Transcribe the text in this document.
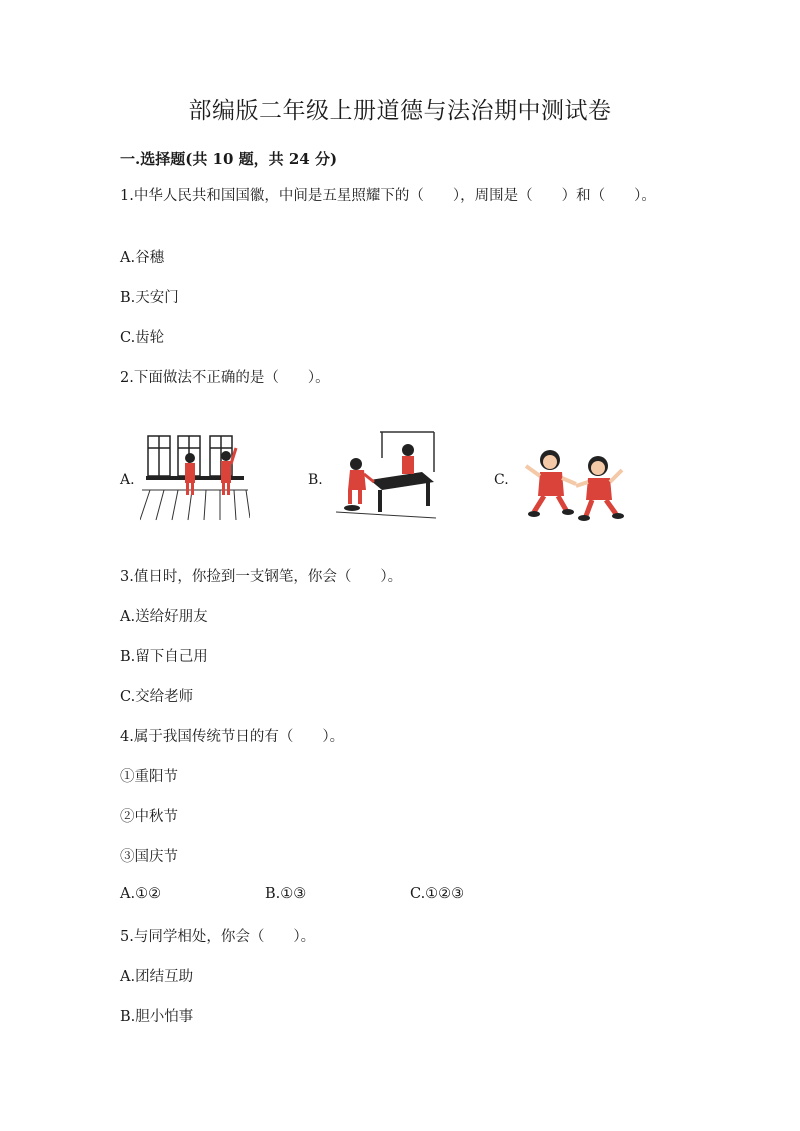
部编版二年级上册道德与法治期中测试卷
一.选择题(共 10 题，共 24 分)
1.中华人民共和国国徽，中间是五星照耀下的（　　），周围是（　　）和（　　）。
A.谷穗
B.天安门
C.齿轮
2.下面做法不正确的是（　　）。
A.	B.	C.
3.值日时，你捡到一支钢笔，你会（　　）。
A.送给好朋友
B.留下自己用
C.交给老师
4.属于我国传统节日的有（　　）。
①重阳节
②中秋节
③国庆节
A.①②	B.①③	C.①②③
5.与同学相处，你会（　　）。
A.团结互助
B.胆小怕事
